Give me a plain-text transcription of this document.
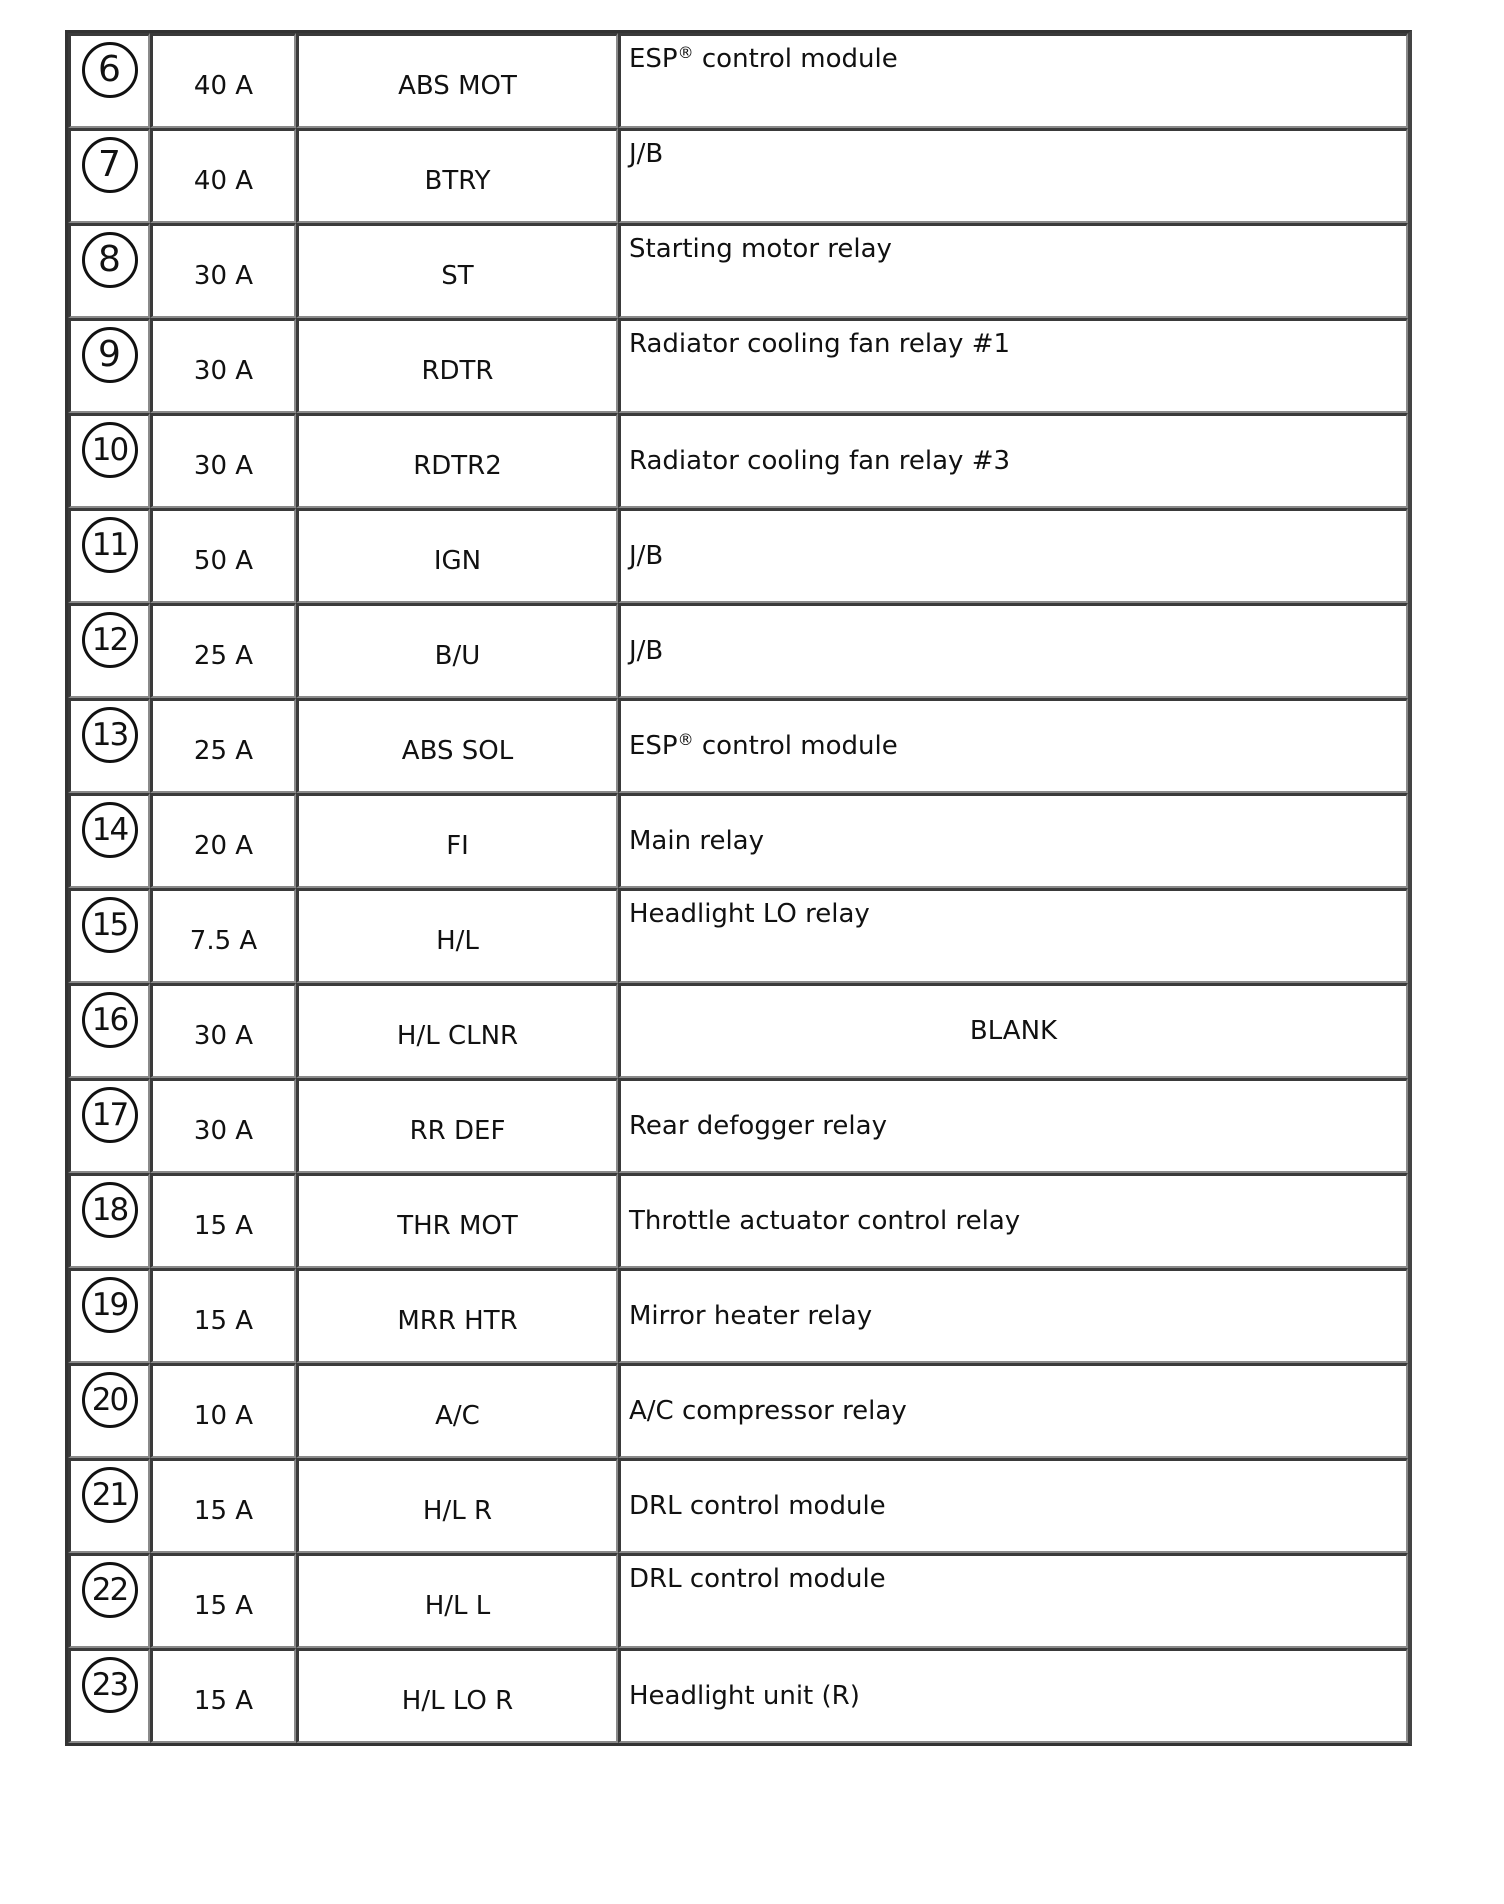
6	40 A	ABS MOT	ESP® control module
7	40 A	BTRY	J/B
8	30 A	ST	Starting motor relay
9	30 A	RDTR	Radiator cooling fan relay #1
10	30 A	RDTR2	Radiator cooling fan relay #3
11	50 A	IGN	J/B
12	25 A	B/U	J/B
13	25 A	ABS SOL	ESP® control module
14	20 A	FI	Main relay
15	7.5 A	H/L	Headlight LO relay
16	30 A	H/L CLNR	BLANK
17	30 A	RR DEF	Rear defogger relay
18	15 A	THR MOT	Throttle actuator control relay
19	15 A	MRR HTR	Mirror heater relay
20	10 A	A/C	A/C compressor relay
21	15 A	H/L R	DRL control module
22	15 A	H/L L	DRL control module
23	15 A	H/L LO R	Headlight unit (R)
